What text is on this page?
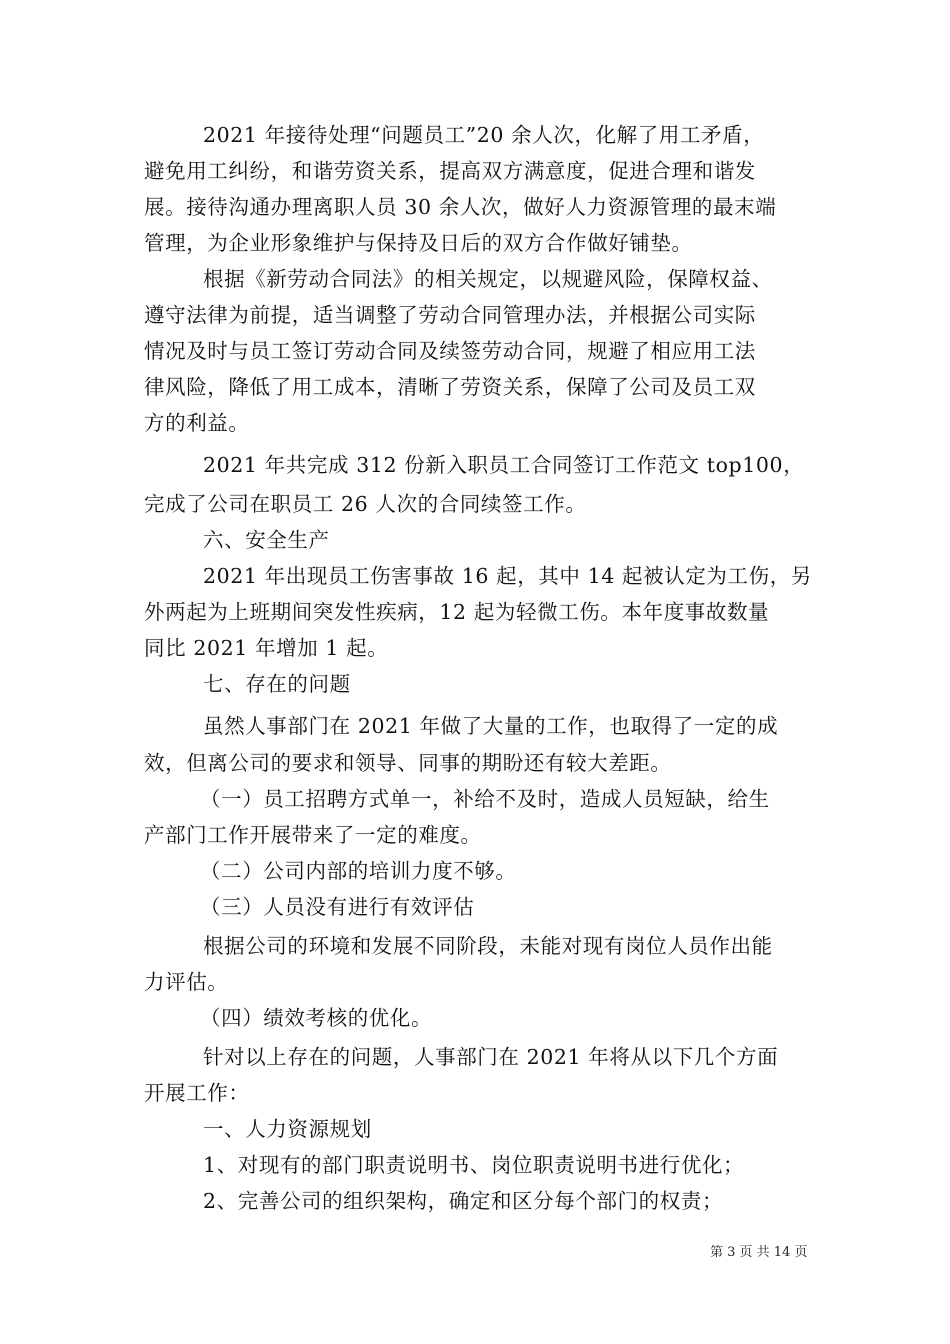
2021 年接待处理“问题员工”20 余人次，化解了用工矛盾，
避免用工纠纷，和谐劳资关系，提高双方满意度，促进合理和谐发
展。接待沟通办理离职人员 30 余人次，做好人力资源管理的最末端
管理，为企业形象维护与保持及日后的双方合作做好铺垫。
根据《新劳动合同法》的相关规定，以规避风险，保障权益、
遵守法律为前提，适当调整了劳动合同管理办法，并根据公司实际
情况及时与员工签订劳动合同及续签劳动合同，规避了相应用工法
律风险，降低了用工成本，清晰了劳资关系，保障了公司及员工双
方的利益。
2021 年共完成 312 份新入职员工合同签订工作范文 top100，
完成了公司在职员工 26 人次的合同续签工作。
六、安全生产
2021 年出现员工伤害事故 16 起，其中 14 起被认定为工伤，另
外两起为上班期间突发性疾病，12 起为轻微工伤。本年度事故数量
同比 2021 年增加 1 起。
七、存在的问题
虽然人事部门在 2021 年做了大量的工作，也取得了一定的成
效，但离公司的要求和领导、同事的期盼还有较大差距。
（一）员工招聘方式单一，补给不及时，造成人员短缺，给生
产部门工作开展带来了一定的难度。
（二）公司内部的培训力度不够。
（三）人员没有进行有效评估
根据公司的环境和发展不同阶段，未能对现有岗位人员作出能
力评估。
（四）绩效考核的优化。
针对以上存在的问题，人事部门在 2021 年将从以下几个方面
开展工作：
一、人力资源规划
1、对现有的部门职责说明书、岗位职责说明书进行优化；
2、完善公司的组织架构，确定和区分每个部门的权责；
第 3 页 共 14 页
